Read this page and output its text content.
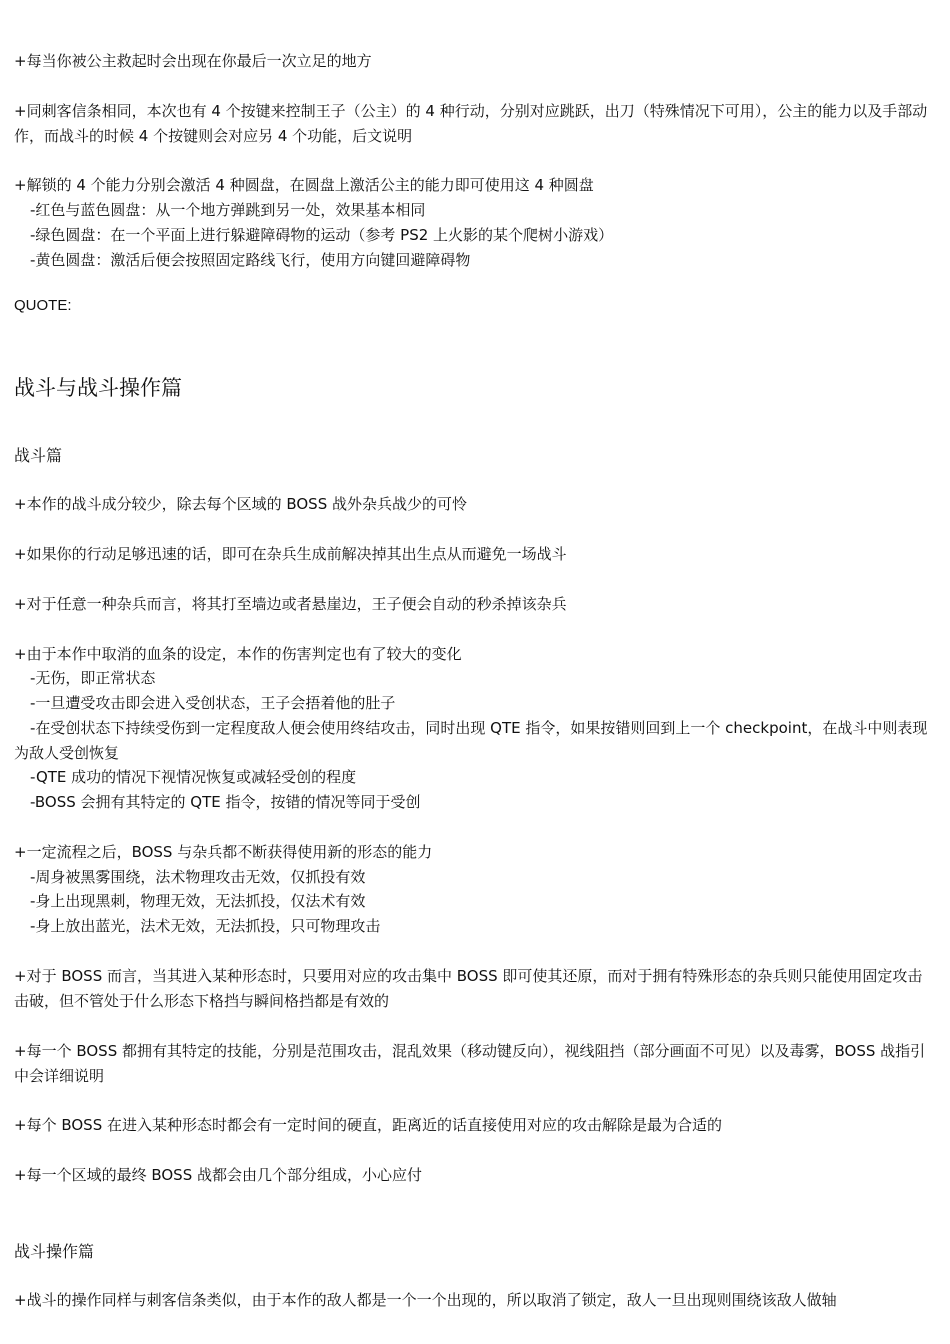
+每当你被公主救起时会出现在你最后一次立足的地方
+同刺客信条相同，本次也有 4 个按键来控制王子（公主）的 4 种行动，分别对应跳跃，出刀（特殊情况下可用），公主的能力以及手部动作，而战斗的时候 4 个按键则会对应另 4 个功能，后文说明
+解锁的 4 个能力分别会激活 4 种圆盘，在圆盘上激活公主的能力即可使用这 4 种圆盘
-红色与蓝色圆盘：从一个地方弹跳到另一处，效果基本相同
-绿色圆盘：在一个平面上进行躲避障碍物的运动（参考 PS2 上火影的某个爬树小游戏）
-黄色圆盘：激活后便会按照固定路线飞行，使用方向键回避障碍物
QUOTE:
战斗与战斗操作篇
战斗篇
+本作的战斗成分较少，除去每个区域的 BOSS 战外杂兵战少的可怜
+如果你的行动足够迅速的话，即可在杂兵生成前解决掉其出生点从而避免一场战斗
+对于任意一种杂兵而言，将其打至墙边或者悬崖边，王子便会自动的秒杀掉该杂兵
+由于本作中取消的血条的设定，本作的伤害判定也有了较大的变化
-无伤，即正常状态
-一旦遭受攻击即会进入受创状态，王子会捂着他的肚子
-在受创状态下持续受伤到一定程度敌人便会使用终结攻击，同时出现 QTE 指令，如果按错则回到上一个 checkpoint，在战斗中则表现为敌人受创恢复
-QTE 成功的情况下视情况恢复或减轻受创的程度
-BOSS 会拥有其特定的 QTE 指令，按错的情况等同于受创
+一定流程之后，BOSS 与杂兵都不断获得使用新的形态的能力
-周身被黑雾围绕，法术物理攻击无效，仅抓投有效
-身上出现黑刺，物理无效，无法抓投，仅法术有效
-身上放出蓝光，法术无效，无法抓投，只可物理攻击
+对于 BOSS 而言，当其进入某种形态时，只要用对应的攻击集中 BOSS 即可使其还原，而对于拥有特殊形态的杂兵则只能使用固定攻击击破，但不管处于什么形态下格挡与瞬间格挡都是有效的
+每一个 BOSS 都拥有其特定的技能，分别是范围攻击，混乱效果（移动键反向），视线阻挡（部分画面不可见）以及毒雾，BOSS 战指引中会详细说明
+每个 BOSS 在进入某种形态时都会有一定时间的硬直，距离近的话直接使用对应的攻击解除是最为合适的
+每一个区域的最终 BOSS 战都会由几个部分组成，小心应付
战斗操作篇
+战斗的操作同样与刺客信条类似，由于本作的敌人都是一个一个出现的，所以取消了锁定，敌人一旦出现则围绕该敌人做轴
